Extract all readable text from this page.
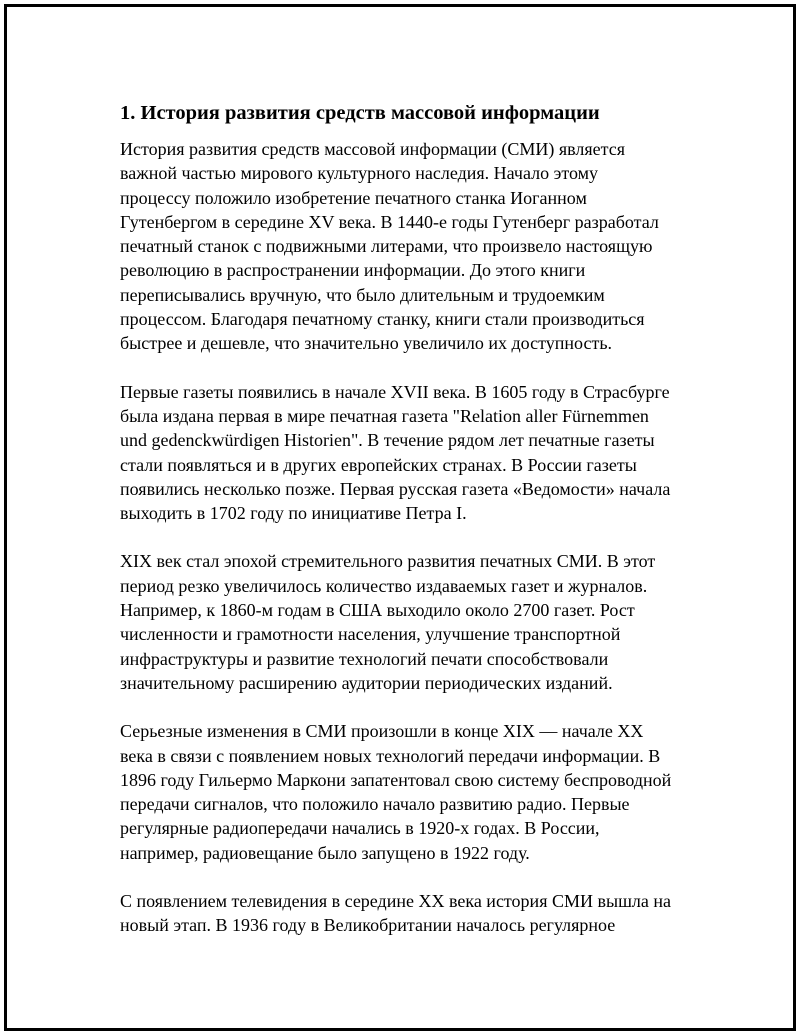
1. История развития средств массовой информации
История развития средств массовой информации (СМИ) является
важной частью мирового культурного наследия. Начало этому
процессу положило изобретение печатного станка Иоганном
Гутенбергом в середине XV века. В 1440-е годы Гутенберг разработал
печатный станок с подвижными литерами, что произвело настоящую
революцию в распространении информации. До этого книги
переписывались вручную, что было длительным и трудоемким
процессом. Благодаря печатному станку, книги стали производиться
быстрее и дешевле, что значительно увеличило их доступность.
Первые газеты появились в начале XVII века. В 1605 году в Страсбурге
была издана первая в мире печатная газета "Relation aller Fürnemmen
und gedenckwürdigen Historien". В течение рядом лет печатные газеты
стали появляться и в других европейских странах. В России газеты
появились несколько позже. Первая русская газета «Ведомости» начала
выходить в 1702 году по инициативе Петра I.
XIX век стал эпохой стремительного развития печатных СМИ. В этот
период резко увеличилось количество издаваемых газет и журналов.
Например, к 1860-м годам в США выходило около 2700 газет. Рост
численности и грамотности населения, улучшение транспортной
инфраструктуры и развитие технологий печати способствовали
значительному расширению аудитории периодических изданий.
Серьезные изменения в СМИ произошли в конце XIX — начале XX
века в связи с появлением новых технологий передачи информации. В
1896 году Гильермо Маркони запатентовал свою систему беспроводной
передачи сигналов, что положило начало развитию радио. Первые
регулярные радиопередачи начались в 1920-х годах. В России,
например, радиовещание было запущено в 1922 году.
С появлением телевидения в середине XX века история СМИ вышла на
новый этап. В 1936 году в Великобритании началось регулярное
